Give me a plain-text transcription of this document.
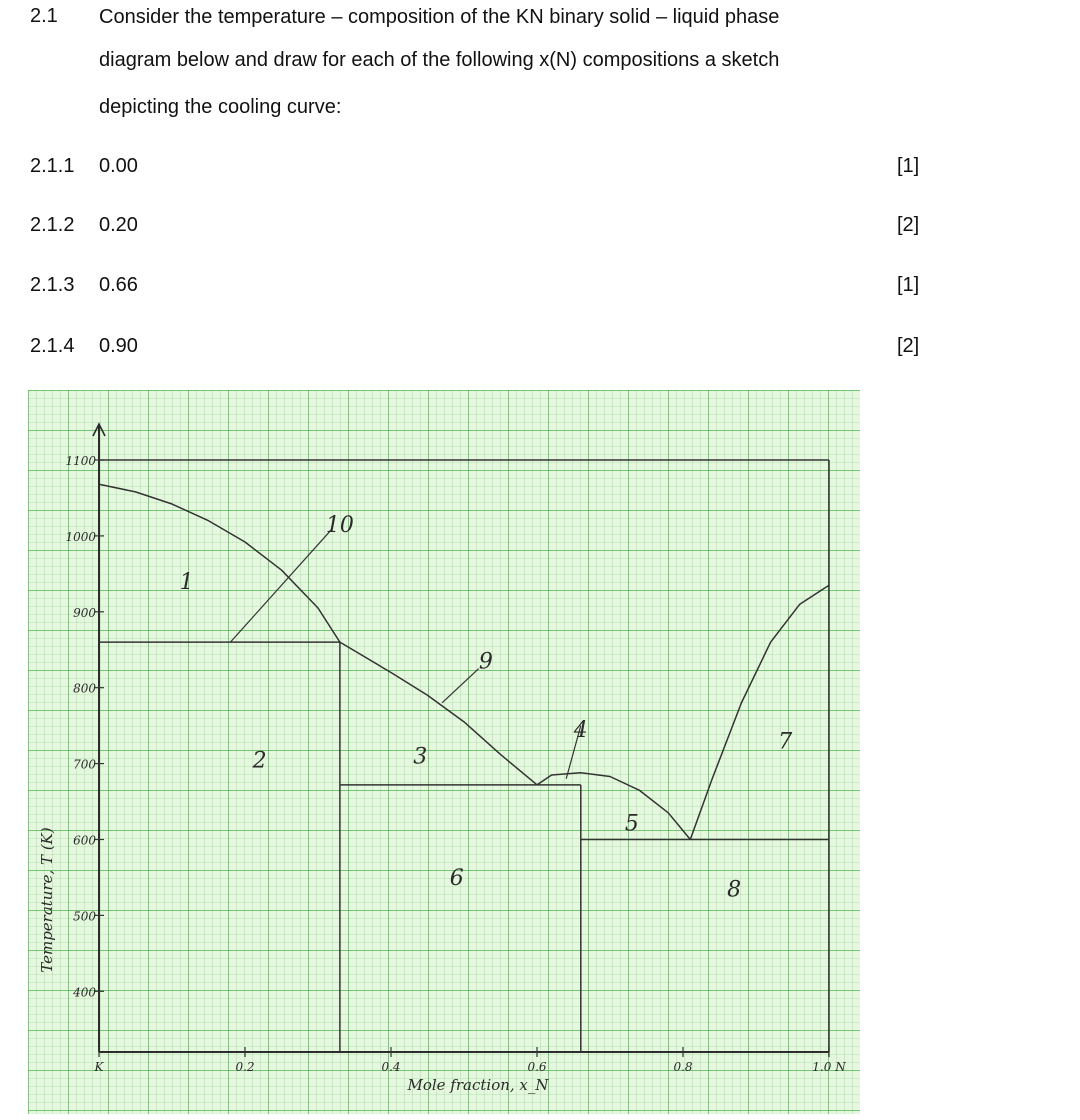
2.1 Consider the temperature – composition of the KN binary solid – liquid phase
diagram below and draw for each of the following x(N) compositions a sketch
depicting the cooling curve:
2.1.1 0.00	[1]
2.1.2 0.20	[2]
2.1.3 0.66	[1]
2.1.4 0.90	[2]
1100
1000
900
800
700
600
500
400
K	0.2	0.4	0.6	0.8	1.0 N
1
2	3
4
5
6
7
8
9
10
Temperature, T (K)
Mole fraction, x_N
